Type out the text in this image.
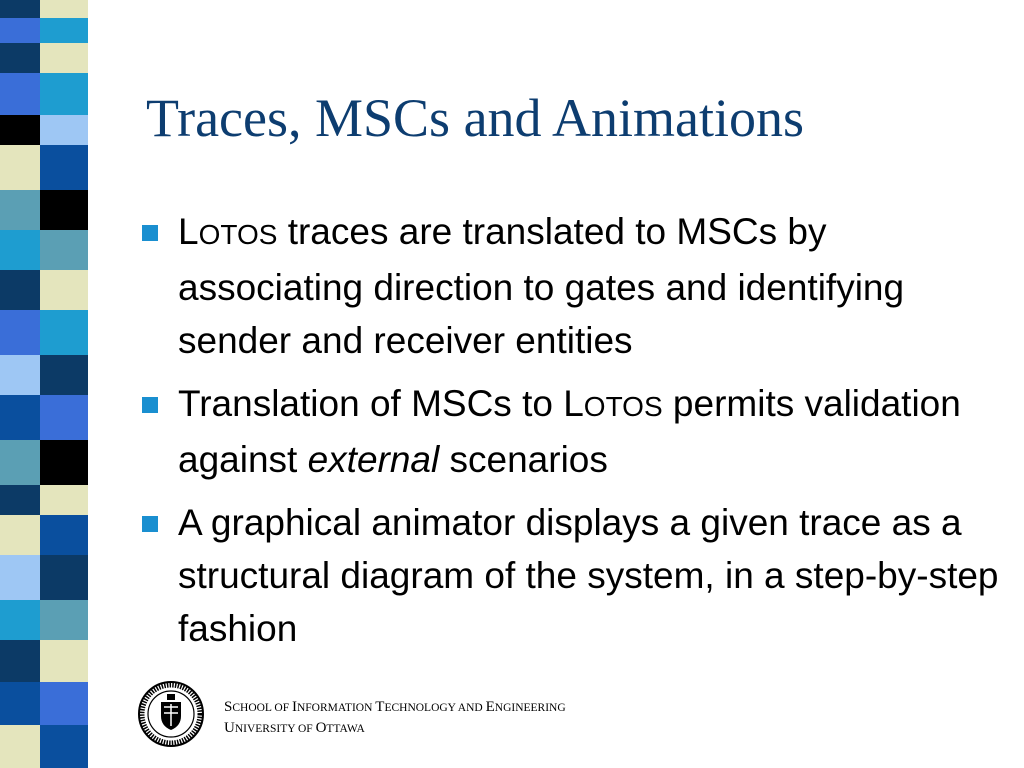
Traces, MSCs and Animations
LOTOS traces are translated to MSCs by associating direction to gates and identifying sender and receiver entities
Translation of MSCs to LOTOS permits validation against external scenarios
A graphical animator displays a given trace as a structural diagram of the system, in a step-by-step fashion
SCHOOL OF INFORMATION TECHNOLOGY AND ENGINEERING
UNIVERSITY OF OTTAWA
